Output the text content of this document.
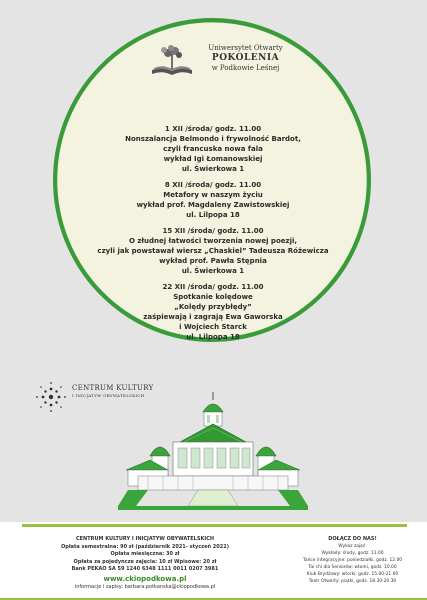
Uniwersytet Otwarty
POKOLENIA
w Podkowie Leśnej
1 XII /środa/ godz. 11.00
Nonszalancja Belmondo i frywolność Bardot,
czyli francuska nowa fala
wykład Igi Łomanowskiej
ul. Świerkowa 1
8 XII /środa/ godz. 11.00
Metafory w naszym życiu
wykład prof. Magdaleny Zawistowskiej
ul. Lilpopa 18
15 XII /środa/ godz. 11.00
O złudnej łatwości tworzenia nowej poezji,
czyli jak powstawał wiersz „Chaskiel” Tadeusza Różewicza
wykład prof. Pawła Stępnia
ul. Świerkowa 1
22 XII /środa/ godz. 11.00
Spotkanie kolędowe
„Kolędy przybłędy”
zaśpiewają i zagrają Ewa Gaworska
i Wojciech Starck
ul. Lilpopa 18
CENTRUM KULTURY
I INICJATYW OBYWATELSKICH
CENTRUM KULTURY I INICJATYW OBYWATELSKICH
Opłata semestralna: 90 zł (październik 2021- styczeń 2022)
Opłata miesięczna: 30 zł
Opłata za pojedyncze zajęcia: 10 zł Wpisowe: 20 zł
Bank PEKAO SA 59 1240 6348 1111 0011 0207 3981
www.ckiopodkowa.pl
informacje i zapisy: barbara.potkanska@ckiopodkowa.pl
DOŁĄCZ DO NAS!
Wykaz zajęć:
Wykłady: środy, godz. 11.00
Tańce integracyjne: poniedziałki, godz. 12.00
Tai chi dla Seniorów: wtorki, godz. 10.00
Klub Brydżowy: wtorki, godz. 15.00-21.00
Teatr Otwarty: piątki, godz. 18.30-20.30
